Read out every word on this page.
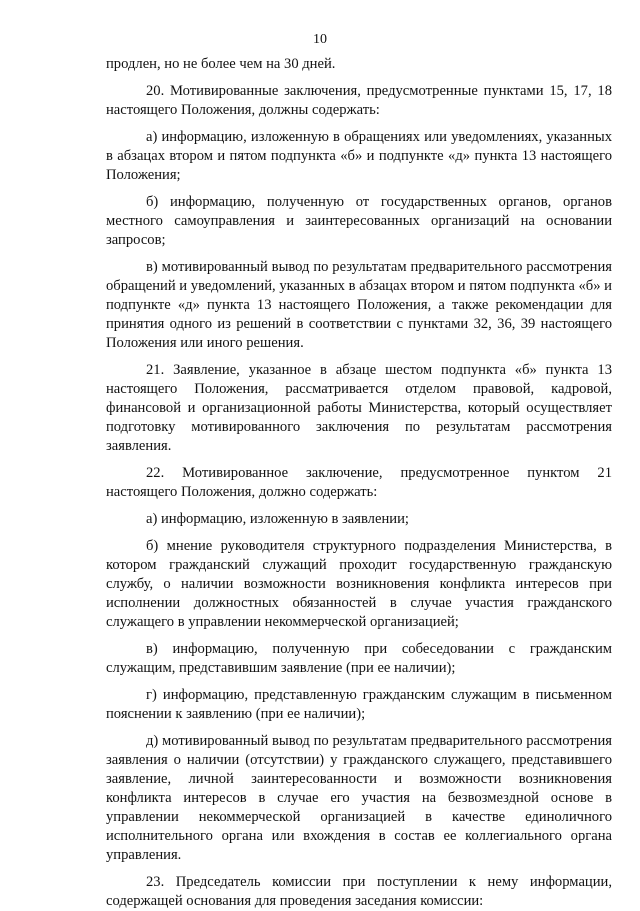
10

продлен, но не более чем на 30 дней.

20. Мотивированные заключения, предусмотренные пунктами 15, 17, 18 настоящего Положения, должны содержать:

а) информацию, изложенную в обращениях или уведомлениях, указанных в абзацах втором и пятом подпункта «б» и подпункте «д» пункта 13 настоящего Положения;

б) информацию, полученную от государственных органов, органов местного самоуправления и заинтересованных организаций на основании запросов;

в) мотивированный вывод по результатам предварительного рассмотрения обращений и уведомлений, указанных в абзацах втором и пятом подпункта «б» и подпункте «д» пункта 13 настоящего Положения, а также рекомендации для принятия одного из решений в соответствии с пунктами 32, 36, 39 настоящего Положения или иного решения.

21. Заявление, указанное в абзаце шестом подпункта «б» пункта 13 настоящего Положения, рассматривается отделом правовой, кадровой, финансовой и организационной работы Министерства, который осуществляет подготовку мотивированного заключения по результатам рассмотрения заявления.

22. Мотивированное заключение, предусмотренное пунктом 21 настоящего Положения, должно содержать:

а) информацию, изложенную в заявлении;

б) мнение руководителя структурного подразделения Министерства, в котором гражданский служащий проходит государственную гражданскую службу, о наличии возможности возникновения конфликта интересов при исполнении должностных обязанностей в случае участия гражданского служащего в управлении некоммерческой организацией;

в) информацию, полученную при собеседовании с гражданским служащим, представившим заявление (при ее наличии);

г) информацию, представленную гражданским служащим в письменном пояснении к заявлению (при ее наличии);

д) мотивированный вывод по результатам предварительного рассмотрения заявления о наличии (отсутствии) у гражданского служащего, представившего заявление, личной заинтересованности и возможности возникновения конфликта интересов в случае его участия на безвозмездной основе в управлении некоммерческой организацией в качестве единоличного исполнительного органа или вхождения в состав ее коллегиального органа управления.

23. Председатель комиссии при поступлении к нему информации, содержащей основания для проведения заседания комиссии:
